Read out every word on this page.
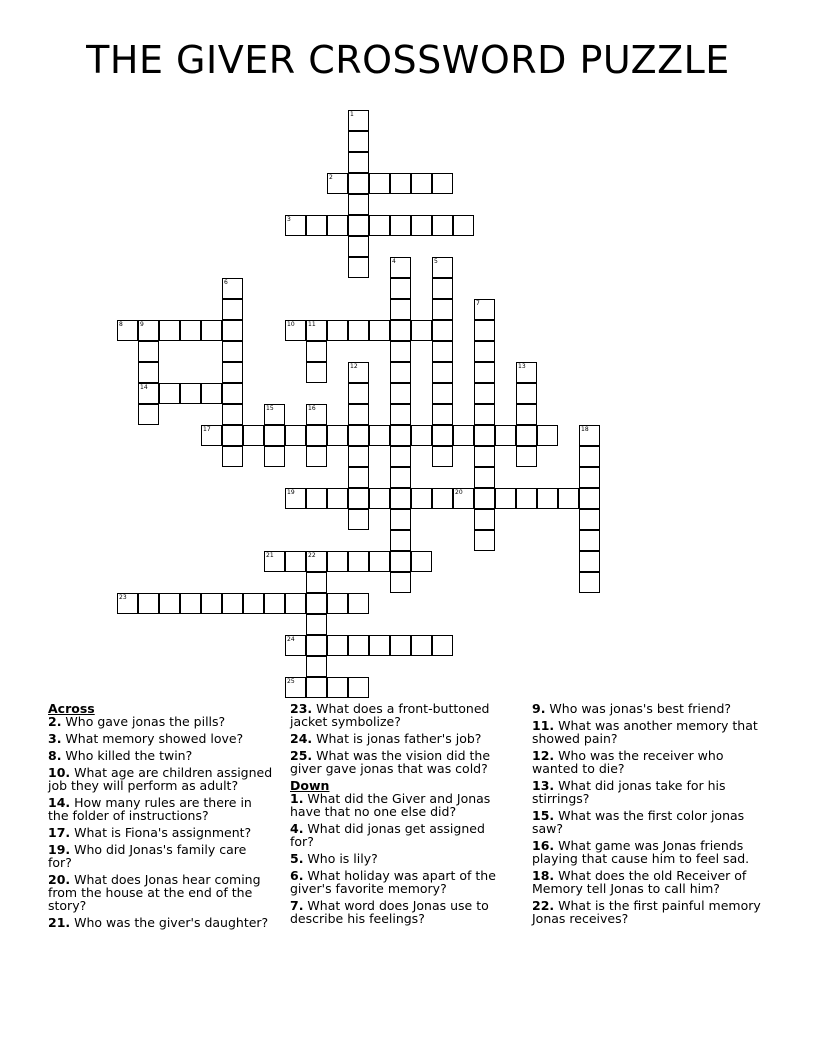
THE GIVER CROSSWORD PUZZLE
1
2
3
4	5
6
7
8	9
14
10 11
12	13
15	16
17	18
19	20
21	22
23
24
25
Across
2. Who gave jonas the pills?
3. What memory showed love?
8. Who killed the twin?
10. What age are children assigned job they will perform as adult?
14. How many rules are there in the folder of instructions?
17. What is Fiona's assignment?
19. Who did Jonas's family care for?
20. What does Jonas hear coming from the house at the end of the story?
21. Who was the giver's daughter?
23. What does a front-buttoned jacket symbolize?
24. What is jonas father's job?
25. What was the vision did the giver gave jonas that was cold?
Down
1. What did the Giver and Jonas have that no one else did?
4. What did jonas get assigned for?
5. Who is lily?
6. What holiday was apart of the giver's favorite memory?
7. What word does Jonas use to describe his feelings?
9. Who was jonas's best friend?
11. What was another memory that showed pain?
12. Who was the receiver who wanted to die?
13. What did jonas take for his stirrings?
15. What was the first color jonas saw?
16. What game was Jonas friends playing that cause him to feel sad.
18. What does the old Receiver of Memory tell Jonas to call him?
22. What is the first painful memory Jonas receives?
